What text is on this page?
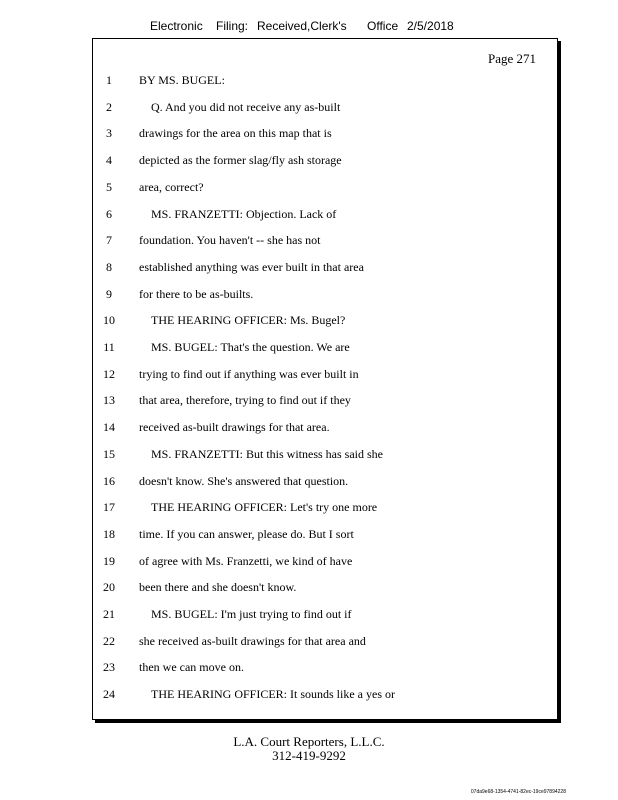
Electronic Filing: Received,Clerk's Office 2/5/2018
Page 271
1	BY MS. BUGEL:
2	Q. And you did not receive any as-built
3	drawings for the area on this map that is
4	depicted as the former slag/fly ash storage
5	area, correct?
6	MS. FRANZETTI: Objection. Lack of
7	foundation. You haven't -- she has not
8	established anything was ever built in that area
9	for there to be as-builts.
10	THE HEARING OFFICER: Ms. Bugel?
11	MS. BUGEL: That's the question. We are
12	trying to find out if anything was ever built in
13	that area, therefore, trying to find out if they
14	received as-built drawings for that area.
15	MS. FRANZETTI: But this witness has said she
16	doesn't know. She's answered that question.
17	THE HEARING OFFICER: Let's try one more
18	time. If you can answer, please do. But I sort
19	of agree with Ms. Franzetti, we kind of have
20	been there and she doesn't know.
21	MS. BUGEL: I'm just trying to find out if
22	she received as-built drawings for that area and
23	then we can move on.
24	THE HEARING OFFICER: It sounds like a yes or
L.A. Court Reporters, L.L.C.
312-419-9292
07da9e68-1354-4741-82ec-19ce97894228
